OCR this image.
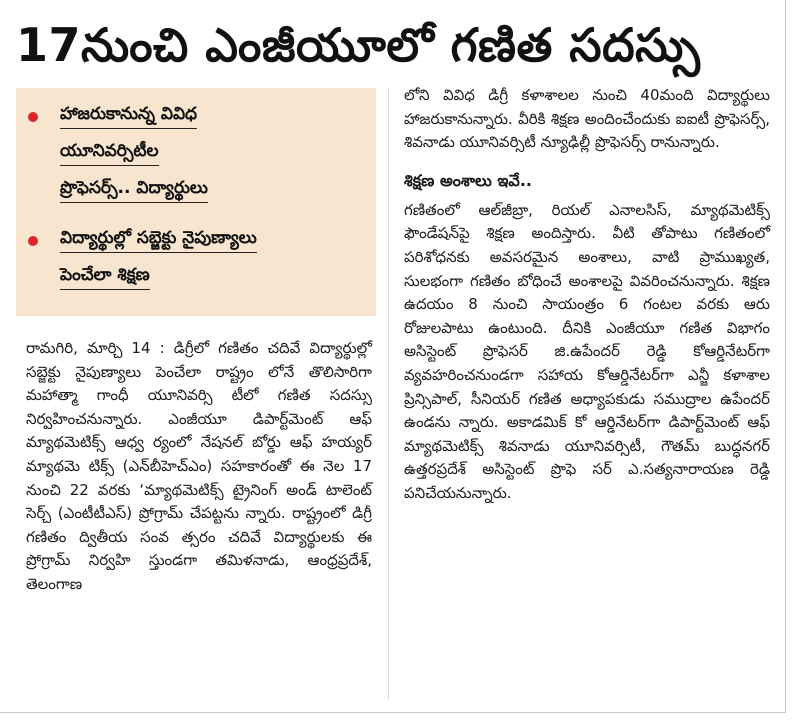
17నుంచి ఎంజీయూలో గణిత సదస్సు
హాజరుకానున్న వివిధ
యూనివర్సిటీల
ప్రొఫెసర్స్.. విద్యార్థులు
విద్యార్థుల్లో సబ్జెక్టు నైపుణ్యాలు
పెంచేలా శిక్షణ
రామగిరి, మార్చి 14 : డిగ్రీలో గణితం చదివే విద్యార్థుల్లో సబ్జెక్టు నైపుణ్యాలు పెంచేలా రాష్ట్రం లోనే తొలిసారిగా మహాత్మా గాంధీ యూనివర్సి టీలో గణిత సదస్సు నిర్వహించనున్నారు. ఎంజీయూ డిపార్ట్‌మెంట్ ఆఫ్ మ్యాథమెటిక్స్ ఆధ్వ ర్యంలో నేషనల్ బోర్డు ఆఫ్ హయ్యర్ మ్యాథమె టిక్స్ (ఎన్‌బీహెచ్‌ఎం) సహకారంతో ఈ నెల 17 నుంచి 22 వరకు ‘మ్యాథమెటిక్స్ ట్రైనింగ్ అండ్ టాలెంట్ సెర్చ్ (ఎంటీటీఎస్) ప్రోగ్రామ్ చేపట్టను న్నారు. రాష్ట్రంలో డిగ్రీ గణితం ద్వితీయ సంవ త్సరం చదివే విద్యార్థులకు ఈ ప్రోగ్రామ్ నిర్వహి స్తుండగా తమిళనాడు, ఆంధ్రప్రదేశ్, తెలంగాణ
లోని వివిధ డిగ్రీ కళాశాలల నుంచి 40మంది విద్యార్థులు హాజరుకానున్నారు. వీరికి శిక్షణ అందించేందుకు ఐఐటీ ప్రొఫెసర్స్, శివనాడు యూనివర్సిటీ న్యూఢిల్లీ ప్రొఫెసర్స్ రానున్నారు.
శిక్షణ అంశాలు ఇవే..
గణితంలో ఆల్‌జీబ్రా, రియల్ ఎనాలసిస్, మ్యాథమెటిక్స్ ఫౌండేషన్‌పై శిక్షణ అందిస్తారు. వీటి తోపాటు గణితంలో పరిశోధనకు అవసరమైన అంశాలు, వాటి ప్రాముఖ్యత, సులభంగా గణితం బోధించే అంశాలపై వివరించనున్నారు. శిక్షణ ఉదయం 8 నుంచి సాయంత్రం 6 గంటల వరకు ఆరు రోజులపాటు ఉంటుంది. దీనికి ఎంజీయూ గణిత విభాగం అసిస్టెంట్ ప్రొఫెసర్ జి.ఉపేందర్ రెడ్డి కోఆర్డినేటర్‌గా వ్యవహరించనుండగా సహాయ కోఆర్డినేటర్‌గా ఎన్జీ కళాశాల ప్రిన్సిపాల్, సీనియర్ గణిత అధ్యాపకుడు సముద్రాల ఉపేందర్ ఉండను న్నారు. అకాడమిక్ కో ఆర్డినేటర్‌గా డిపార్ట్‌మెంట్ ఆఫ్ మ్యాథమెటిక్స్ శివనాడు యూనివర్సిటీ, గౌతమ్ బుద్ధనగర్ ఉత్తరప్రదేశ్ అసిస్టెంట్ ప్రొఫె సర్ ఎ.సత్యనారాయణ రెడ్డి పనిచేయనున్నారు.
